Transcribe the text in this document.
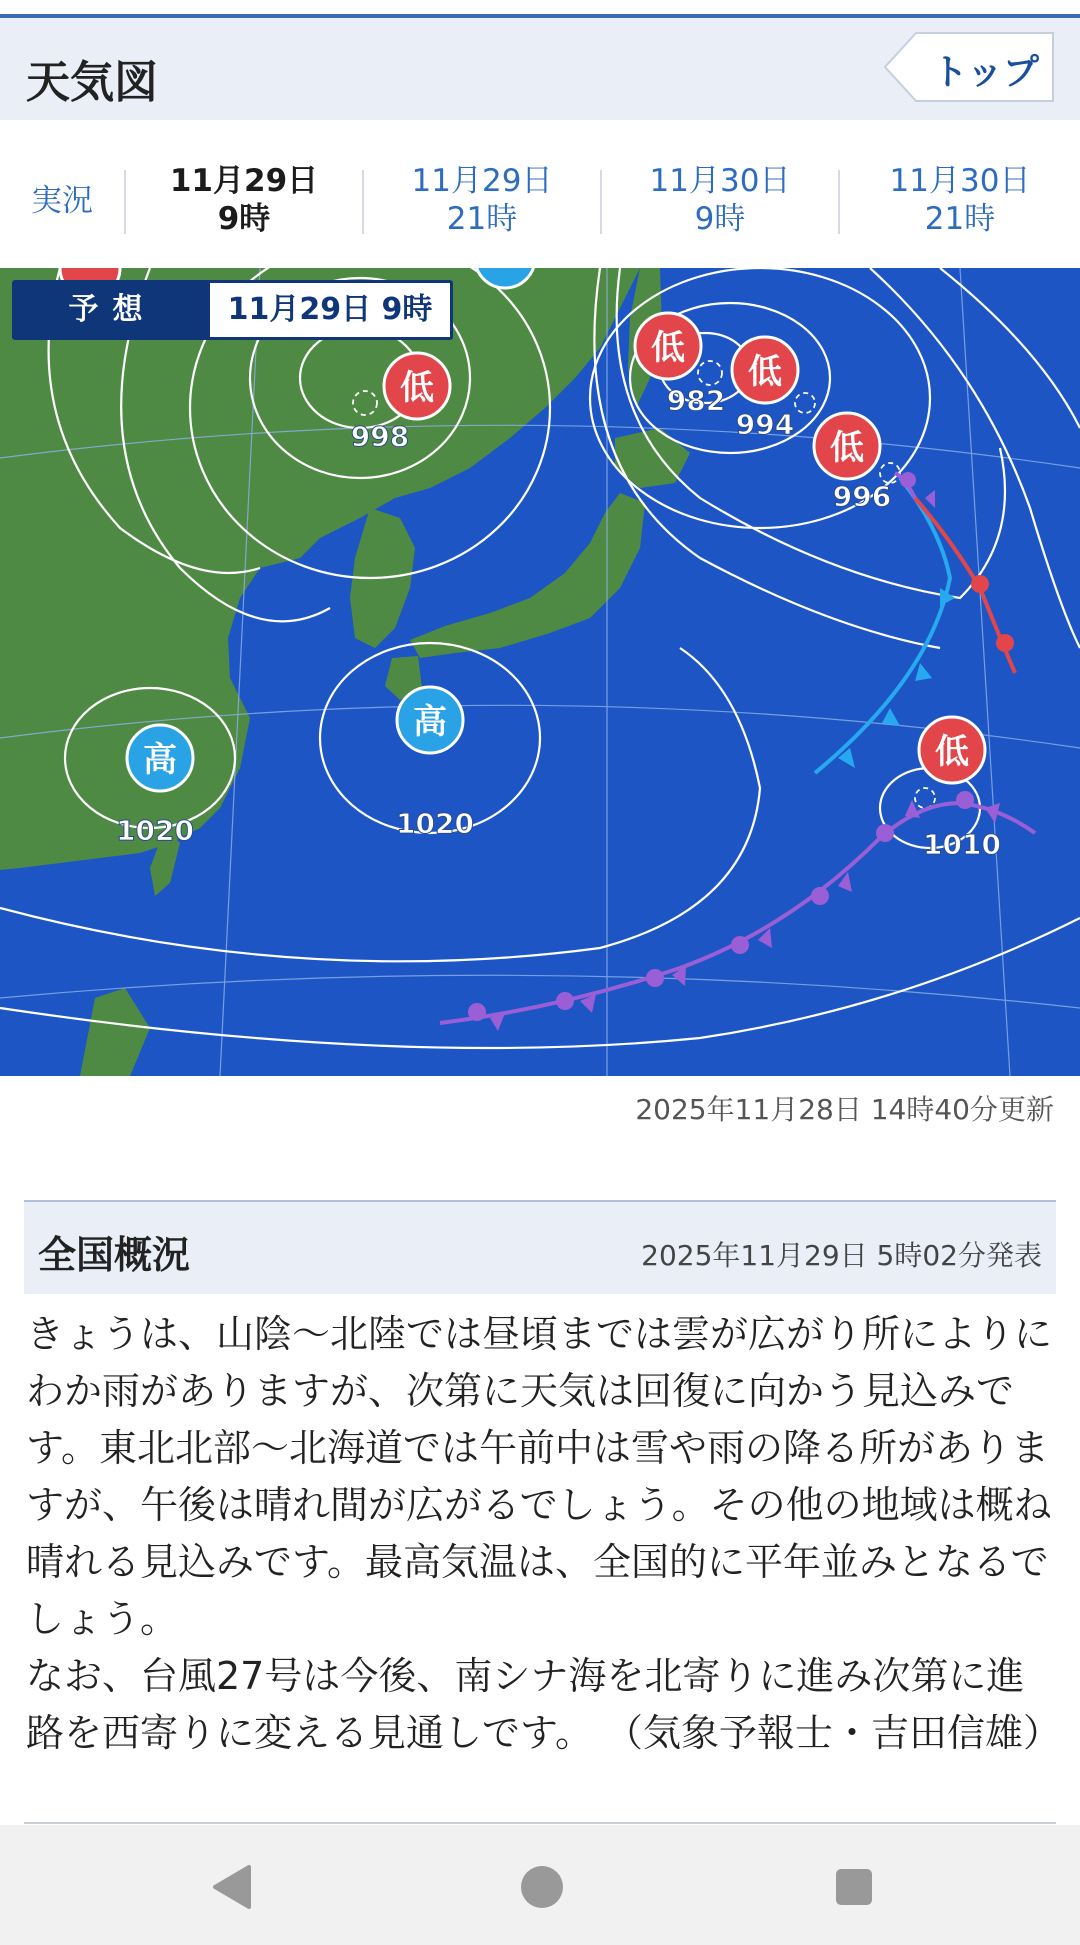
天気図	トップ
実況
11月29日
9時
11月29日
21時
11月30日
9時
11月30日
21時
低
低
低
低
低
高
高
998
982
994
996
1010
1020	1020
予想	11月29日 9時
2025年11月28日 14時40分更新
全国概況	2025年11月29日 5時02分発表

きょうは、山陰～北陸では昼頃までは雲が広がり所によりにわか雨がありますが、次第に天気は回復に向かう見込みです。東北北部～北海道では午前中は雪や雨の降る所がありますが、午後は晴れ間が広がるでしょう。その他の地域は概ね晴れる見込みです。最高気温は、全国的に平年並みとなるでしょう。

なお、台風27号は今後、南シナ海を北寄りに進み次第に進路を西寄りに変える見通しです。 （気象予報士・吉田信雄）
